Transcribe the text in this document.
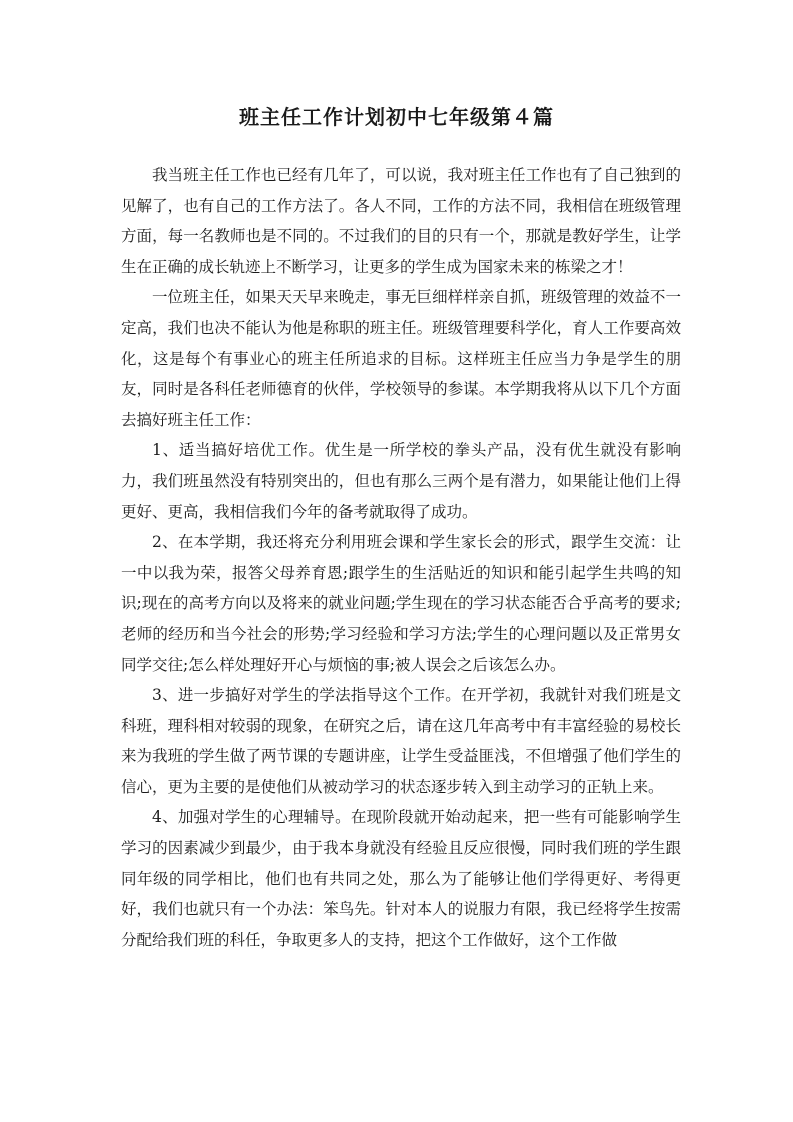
班主任工作计划初中七年级第４篇

我当班主任工作也已经有几年了，可以说，我对班主任工作也有了自己独到的见解了，也有自己的工作方法了。各人不同，工作的方法不同，我相信在班级管理方面，每一名教师也是不同的。不过我们的目的只有一个，那就是教好学生，让学生在正确的成长轨迹上不断学习，让更多的学生成为国家未来的栋梁之才！

一位班主任，如果天天早来晚走，事无巨细样样亲自抓，班级管理的效益不一定高，我们也决不能认为他是称职的班主任。班级管理要科学化，育人工作要高效化，这是每个有事业心的班主任所追求的目标。这样班主任应当力争是学生的朋友，同时是各科任老师德育的伙伴，学校领导的参谋。本学期我将从以下几个方面去搞好班主任工作：

1、适当搞好培优工作。优生是一所学校的拳头产品，没有优生就没有影响力，我们班虽然没有特别突出的，但也有那么三两个是有潜力，如果能让他们上得更好、更高，我相信我们今年的备考就取得了成功。

2、在本学期，我还将充分利用班会课和学生家长会的形式，跟学生交流：让一中以我为荣，报答父母养育恩;跟学生的生活贴近的知识和能引起学生共鸣的知识;现在的高考方向以及将来的就业问题;学生现在的学习状态能否合乎高考的要求;老师的经历和当今社会的形势;学习经验和学习方法;学生的心理问题以及正常男女同学交往;怎么样处理好开心与烦恼的事;被人误会之后该怎么办。

3、进一步搞好对学生的学法指导这个工作。在开学初，我就针对我们班是文科班，理科相对较弱的现象，在研究之后，请在这几年高考中有丰富经验的易校长来为我班的学生做了两节课的专题讲座，让学生受益匪浅，不但增强了他们学生的信心，更为主要的是使他们从被动学习的状态逐步转入到主动学习的正轨上来。

4、加强对学生的心理辅导。在现阶段就开始动起来，把一些有可能影响学生学习的因素减少到最少，由于我本身就没有经验且反应很慢，同时我们班的学生跟同年级的同学相比，他们也有共同之处，那么为了能够让他们学得更好、考得更好，我们也就只有一个办法：笨鸟先。针对本人的说服力有限，我已经将学生按需分配给我们班的科任，争取更多人的支持，把这个工作做好，这个工作做
